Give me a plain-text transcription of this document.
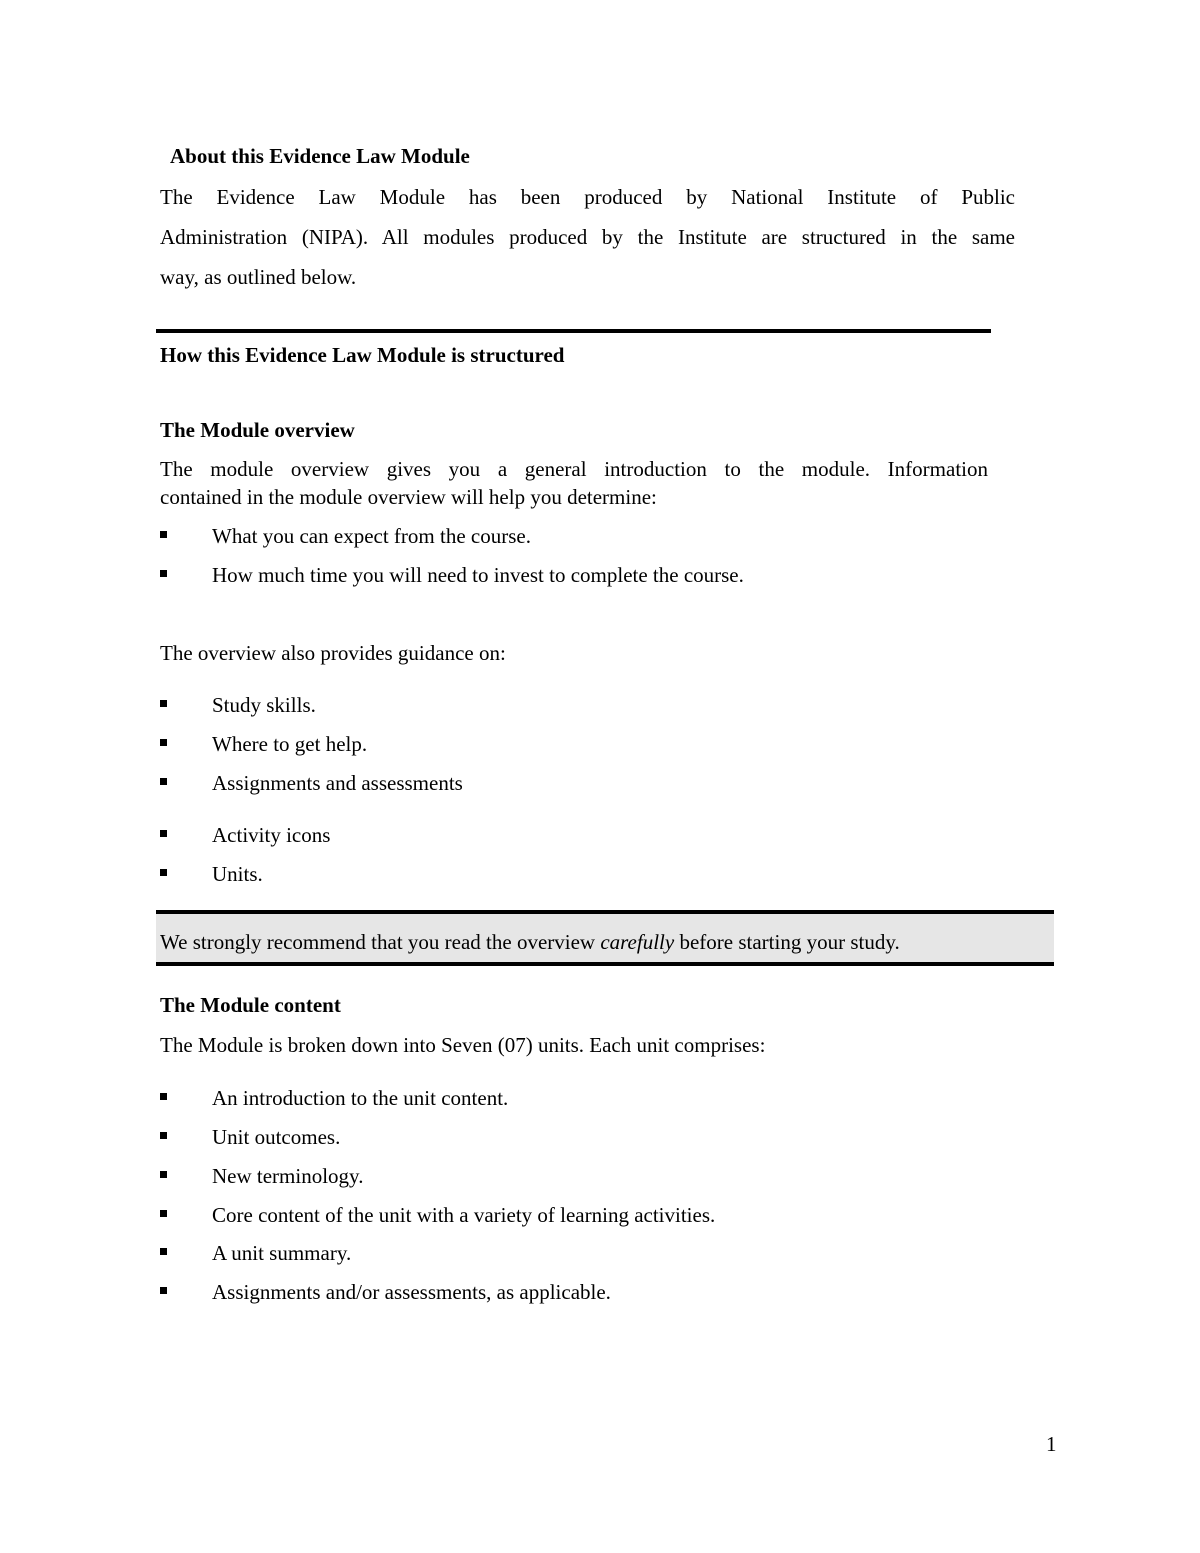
About this Evidence Law Module
The Evidence Law Module has been produced by National Institute of Public
Administration (NIPA). All modules produced by the Institute are structured in the same
way, as outlined below.
How this Evidence Law Module is structured
The Module overview
The module overview gives you a general introduction to the module. Information
contained in the module overview will help you determine:
What you can expect from the course.
How much time you will need to invest to complete the course.
The overview also provides guidance on:
Study skills.
Where to get help.
Assignments and assessments
Activity icons
Units.
We strongly recommend that you read the overview carefully before starting your study.
The Module content
The Module is broken down into Seven (07) units. Each unit comprises:
An introduction to the unit content.
Unit outcomes.
New terminology.
Core content of the unit with a variety of learning activities.
A unit summary.
Assignments and/or assessments, as applicable.
1
